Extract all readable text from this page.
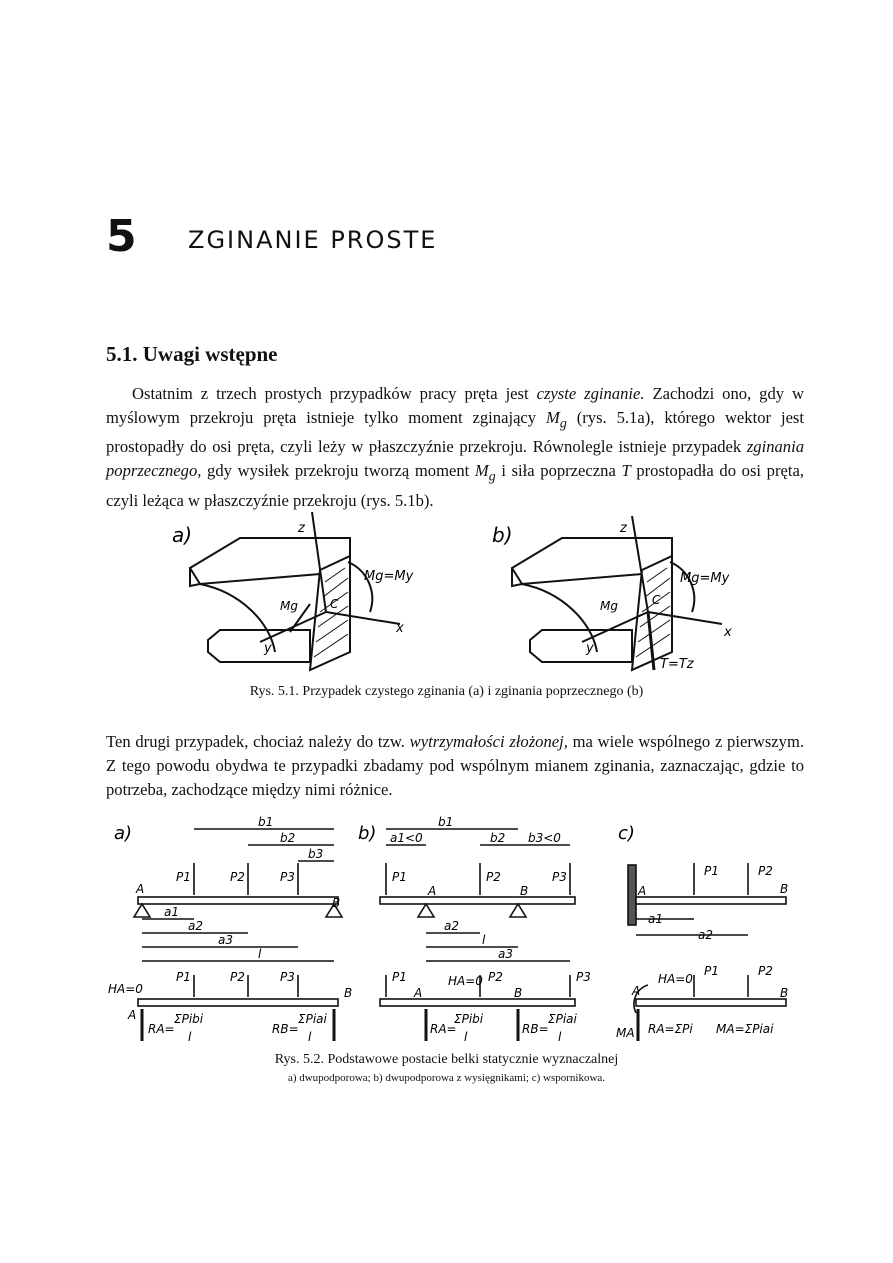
5 ZGINANIE PROSTE
5.1. Uwagi wstępne

Ostatnim z trzech prostych przypadków pracy pręta jest czyste zginanie. Zachodzi ono, gdy w myślowym przekroju pręta istnieje tylko moment zginający $M_g$ (rys. 5.1a), którego wektor jest prostopadły do osi pręta, czyli leży w płaszczyźnie przekroju. Równolegle istnieje przypadek zginania poprzecznego, gdy wysiłek przekroju tworzą moment $M_g$ i siła poprzeczna T prostopadła do osi pręta, czyli leżąca w płaszczyźnie przekroju (rys. 5.1b).

a)	b)
z
x
y
C
Mg
Mg=My
z
x
y
C
Mg
Mg=My
T=Tz
Rys. 5.1. Przypadek czystego zginania (a) i zginania poprzecznego (b)

Ten drugi przypadek, chociaż należy do tzw. wytrzymałości złożonej, ma wiele wspólnego z pierwszym. Z tego powodu obydwa te przypadki zbadamy pod wspólnym mianem zginania, zaznaczając, gdzie to potrzeba, zachodzące między nimi różnice.

a)	b)	c)
b1
b2
b3
P1	P2	P3
A
B
a1
a2
a3
l
HA=0
P1	P2	P3
B
A
RA=
ΣPibi
l
RB=
ΣPiai
l
b1
a1<0	b2 b3<0
P1	P2	P3
A	B
a2
l
a3
P1	HA=0 P2	P3
A	B
RA=
ΣPibi
l
RB=
ΣPiai
l
A
P1	P2
B
a1
a2
HA=0
P1	P2
A	B
MA RA=ΣPi MA=ΣPiai
Rys. 5.2. Podstawowe postacie belki statycznie wyznaczalnej
a) dwupodporowa; b) dwupodporowa z wysięgnikami; c) wspornikowa.
